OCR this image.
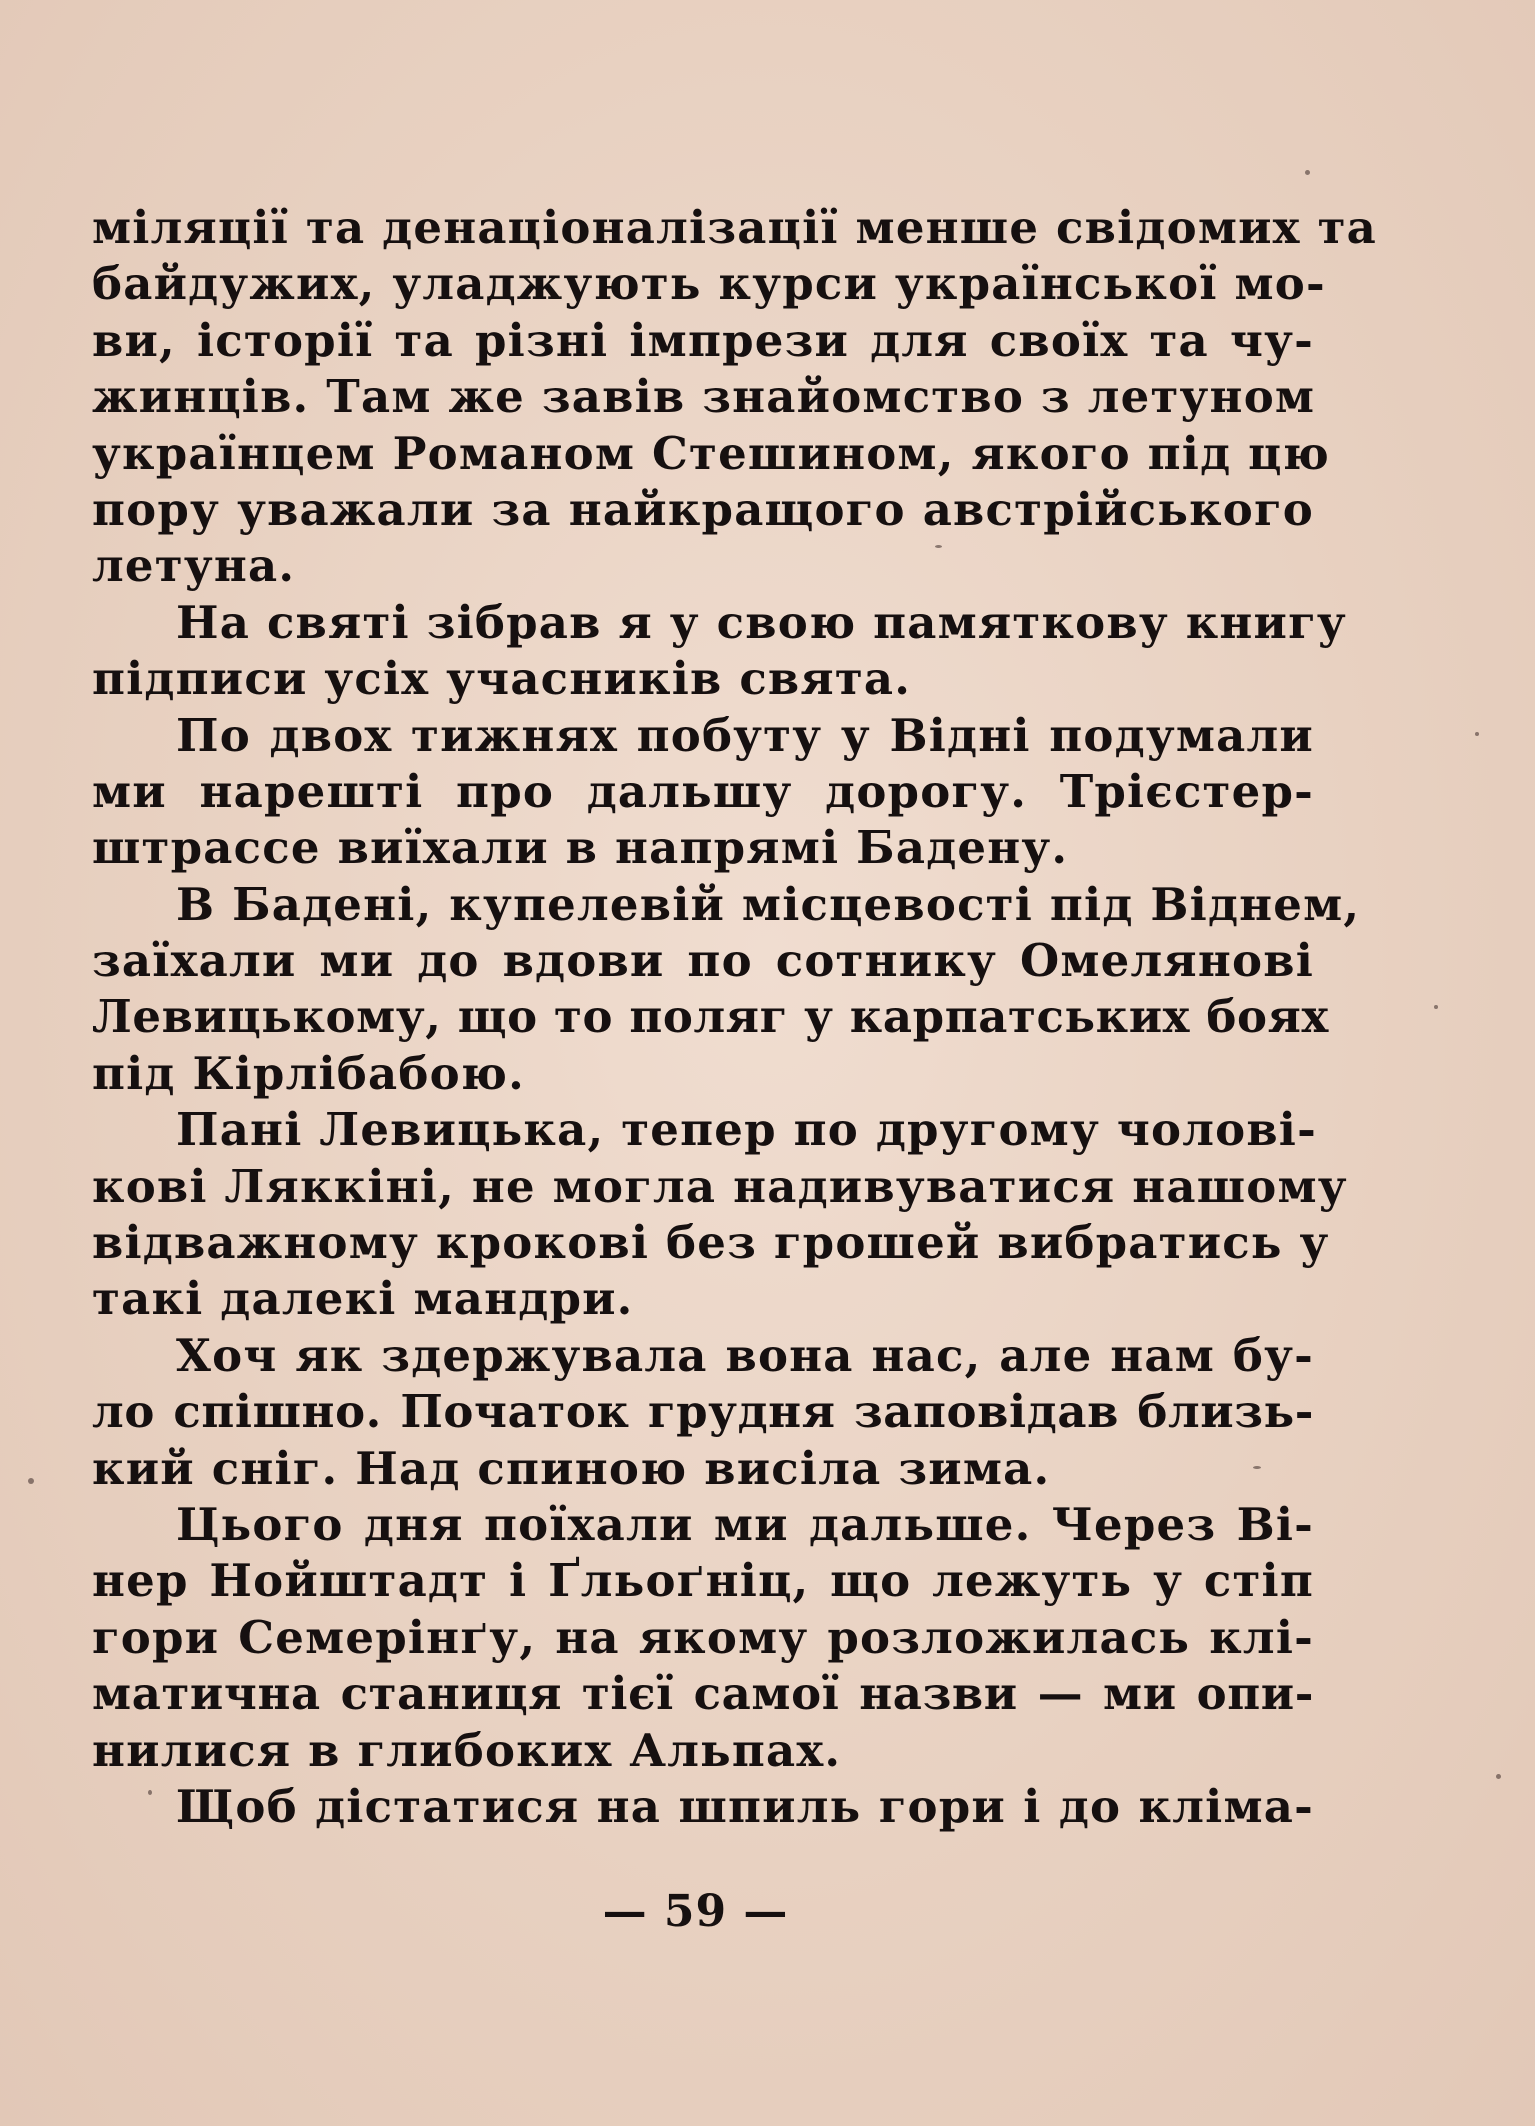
міляції та денаціоналізації менше свідомих та
байдужих, уладжують курси української мо-
ви, історії та різні імпрези для своїх та чу-
жинців. Там же завів знайомство з летуном
українцем Романом Стешином, якого під цю
пору уважали за найкращого австрійського
летуна.
На святі зібрав я у свою памяткову книгу
підписи усіх учасників свята.
По двох тижнях побуту у Відні подумали
ми нарешті про дальшу дорогу. Трієстер-
штрассе виїхали в напрямі Бадену.
В Бадені, купелевій місцевості під Віднем,
заїхали ми до вдови по сотнику Омелянові
Левицькому, що то поляг у карпатських боях
під Кірлібабою.
Пані Левицька, тепер по другому чолові-
кові Ляккіні, не могла надивуватися нашому
відважному крокові без грошей вибратись у
такі далекі мандри.
Хоч як здержувала вона нас, але нам бу-
ло спішно. Початок грудня заповідав близь-
кий сніг. Над спиною висіла зима.
Цього дня поїхали ми дальше. Через Ві-
нер Нойштадт і Ґльоґніц, що лежуть у стіп
гори Семерінґу, на якому розложилась клі-
матична станиця тієї самої назви — ми опи-
нилися в глибоких Альпах.
Щоб дістатися на шпиль гори і до кліма-
— 59 —
